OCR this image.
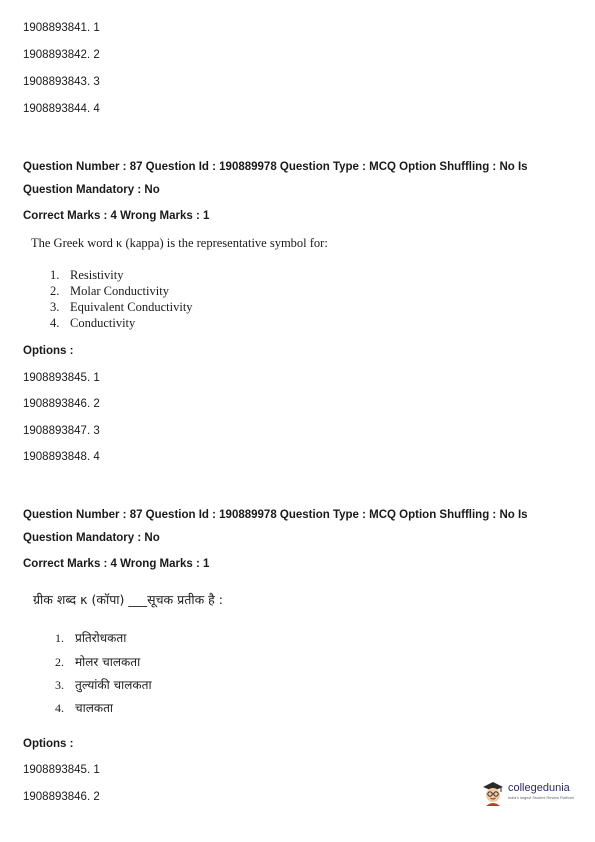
1908893841. 1
1908893842. 2
1908893843. 3
1908893844. 4
Question Number : 87 Question Id : 190889978 Question Type : MCQ Option Shuffling : No Is
Question Mandatory : No
Correct Marks : 4 Wrong Marks : 1
The Greek word κ (kappa) is the representative symbol for:
1. Resistivity
2. Molar Conductivity
3. Equivalent Conductivity
4. Conductivity
Options :
1908893845. 1
1908893846. 2
1908893847. 3
1908893848. 4
Question Number : 87 Question Id : 190889978 Question Type : MCQ Option Shuffling : No Is
Question Mandatory : No
Correct Marks : 4 Wrong Marks : 1
ग्रीक शब्द κ (कॉपा) ___सूचक प्रतीक है :
1. प्रतिरोधकता
2. मोलर चालकता
3. तुल्यांकी चालकता
4. चालकता
Options :
1908893845. 1
1908893846. 2
collegedunia
India's largest Student Review Platform
